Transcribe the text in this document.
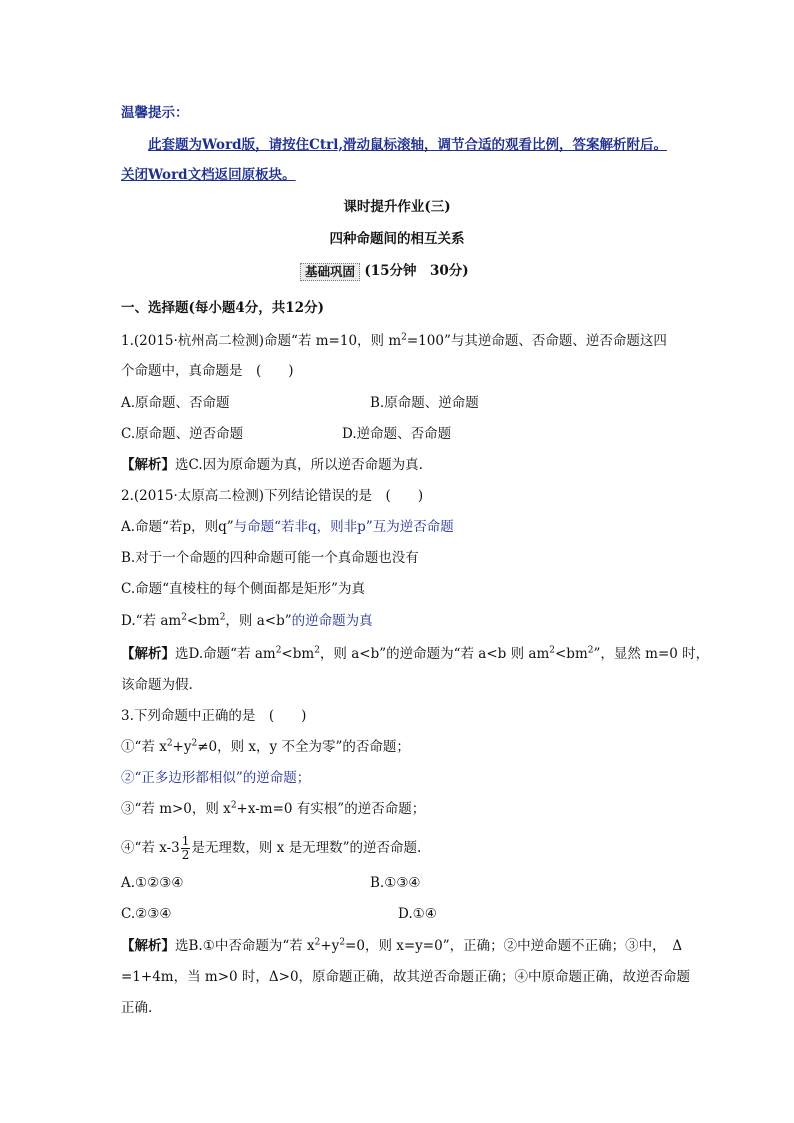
温馨提示：
此套题为Word版，请按住Ctrl,滑动鼠标滚轴，调节合适的观看比例，答案解析附后。
关闭Word文档返回原板块。
课时提升作业(三)
四种命题间的相互关系
基础巩固 (15分钟　30分)
一、选择题(每小题4分，共12分)
1.(2015·杭州高二检测)命题“若 m=10，则 $m^2=100$”与其逆命题、否命题、逆否命题这四
个命题中，真命题是　(　　)
A.原命题、否命题	B.原命题、逆命题
C.原命题、逆否命题	D.逆命题、否命题
【解析】选C.因为原命题为真，所以逆否命题为真.
2.(2015·太原高二检测)下列结论错误的是　(　　)
A.命题“若p，则q”与命题“若非q，则非p”互为逆否命题
B.对于一个命题的四种命题可能一个真命题也没有
C.命题“直棱柱的每个侧面都是矩形”为真
D.“若 $am^2<bm^2$，则 a<b”的逆命题为真
【解析】选D.命题“若 $am^2<bm^2$，则 a<b”的逆命题为“若 a<b 则 $am^2<bm^2$”，显然 m=0 时，
该命题为假.
3.下列命题中正确的是　(　　)
①“若 $x^2+y^2\ne 0$，则 x，y 不全为零”的否命题；
②“正多边形都相似”的逆命题；
③“若 m>0，则 $x^2+x-m=0$ 有实根”的逆否命题；
④“若 $x-3 \frac{1}{2}$ 是无理数，则 x 是无理数”的逆否命题.
A.①②③④	B.①③④
C.②③④	D.①④
【解析】选B.①中否命题为“若 $x^2+y^2=0$，则 x=y=0”，正确；②中逆命题不正确；③中，　Δ
=1+4m，当 m>0 时，Δ>0，原命题正确，故其逆否命题正确；④中原命题正确，故逆否命题
正确.
